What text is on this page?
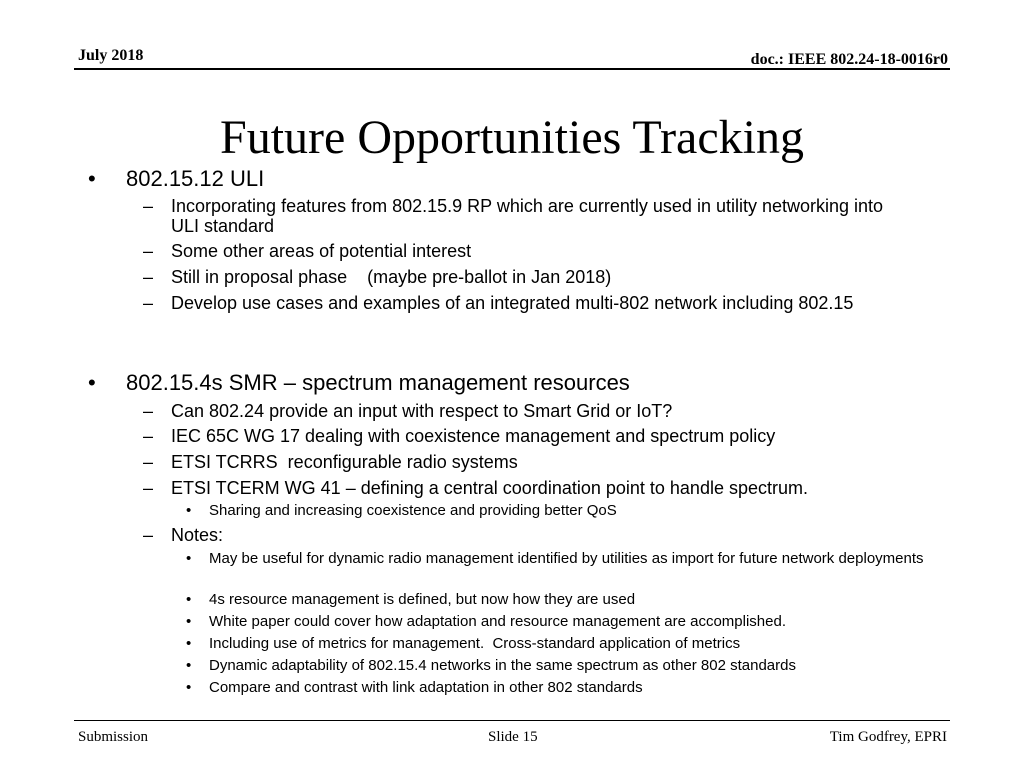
July 2018	doc.: IEEE 802.24-18-0016r0
Future Opportunities Tracking
• 802.15.12 ULI
– Incorporating features from 802.15.9 RP which are currently used in utility networking into ULI standard
– Some other areas of potential interest
– Still in proposal phase    (maybe pre-ballot in Jan 2018)
– Develop use cases and examples of an integrated multi-802 network including 802.15
• 802.15.4s SMR – spectrum management resources
– Can 802.24 provide an input with respect to Smart Grid or IoT?
– IEC 65C WG 17 dealing with coexistence management and spectrum policy
– ETSI TCRRS  reconfigurable radio systems
– ETSI TCERM WG 41 – defining a central coordination point to handle spectrum.
• Sharing and increasing coexistence and providing better QoS
– Notes:
• May be useful for dynamic radio management identified by utilities as import for future network deployments
• 4s resource management is defined, but now how they are used
• White paper could cover how adaptation and resource management are accomplished.
• Including use of metrics for management.  Cross-standard application of metrics
• Dynamic adaptability of 802.15.4 networks in the same spectrum as other 802 standards
• Compare and contrast with link adaptation in other 802 standards
Submission	Slide 15	Tim Godfrey, EPRI
